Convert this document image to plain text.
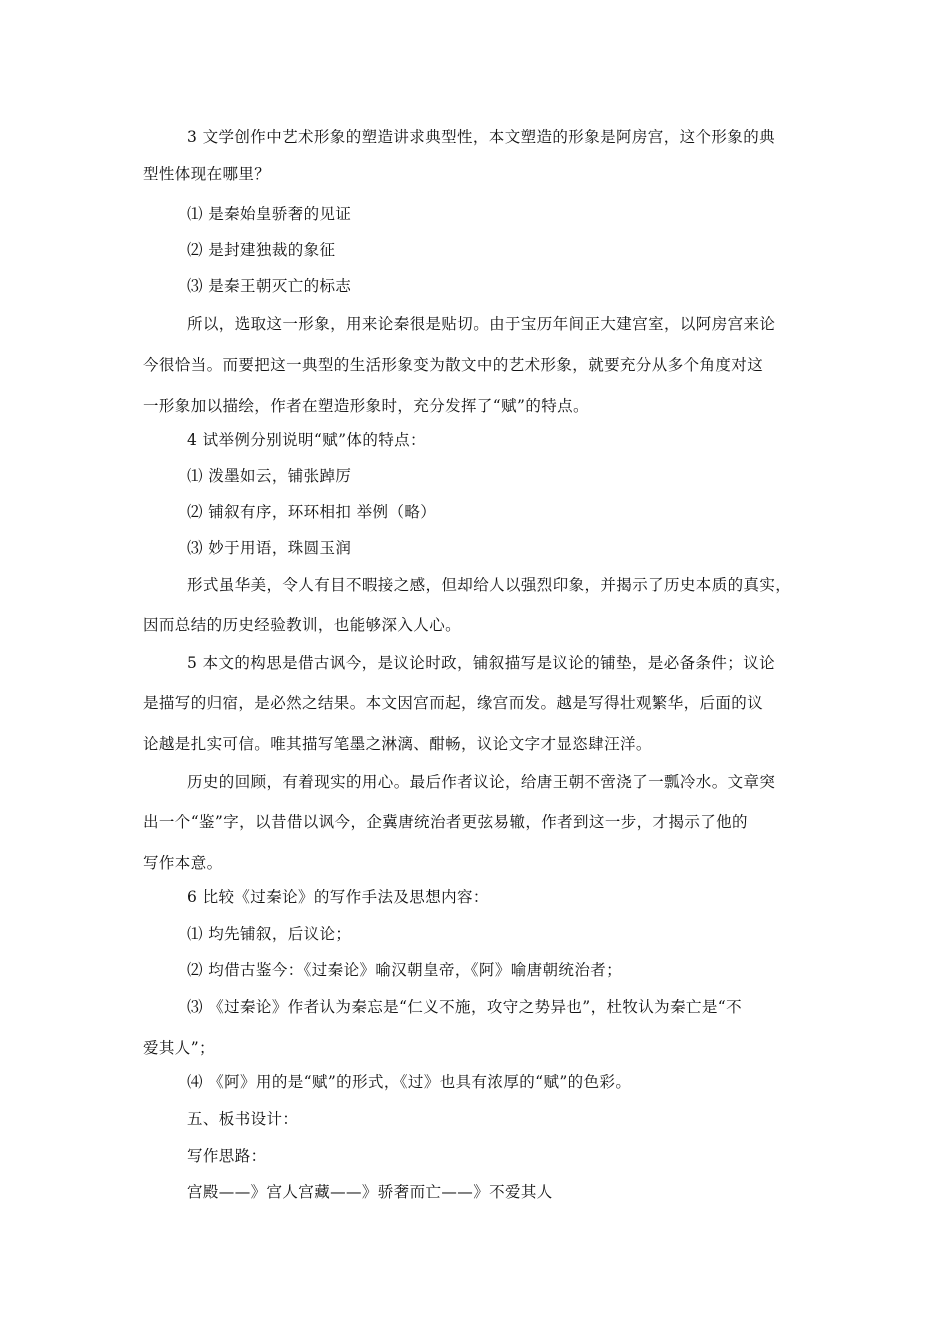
3 文学创作中艺术形象的塑造讲求典型性，本文塑造的形象是阿房宫，这个形象的典
型性体现在哪里？
⑴ 是秦始皇骄奢的见证
⑵ 是封建独裁的象征
⑶ 是秦王朝灭亡的标志
所以，选取这一形象，用来论秦很是贴切。由于宝历年间正大建宫室，以阿房宫来论
今很恰当。而要把这一典型的生活形象变为散文中的艺术形象，就要充分从多个角度对这
一形象加以描绘，作者在塑造形象时，充分发挥了“赋”的特点。
4 试举例分别说明“赋”体的特点：
⑴ 泼墨如云，铺张踔厉
⑵ 铺叙有序，环环相扣 举例（略）
⑶ 妙于用语，珠圆玉润
形式虽华美，令人有目不暇接之感，但却给人以强烈印象，并揭示了历史本质的真实，
因而总结的历史经验教训，也能够深入人心。
5 本文的构思是借古讽今，是议论时政，铺叙描写是议论的铺垫，是必备条件；议论
是描写的归宿，是必然之结果。本文因宫而起，缘宫而发。越是写得壮观繁华，后面的议
论越是扎实可信。唯其描写笔墨之淋漓、酣畅，议论文字才显恣肆汪洋。
历史的回顾，有着现实的用心。最后作者议论，给唐王朝不啻浇了一瓢冷水。文章突
出一个“鉴”字，以昔借以讽今，企冀唐统治者更弦易辙，作者到这一步，才揭示了他的
写作本意。
6 比较《过秦论》的写作手法及思想内容：
⑴ 均先铺叙，后议论；
⑵ 均借古鉴今：《过秦论》喻汉朝皇帝，《阿》喻唐朝统治者；
⑶ 《过秦论》作者认为秦忘是“仁义不施，攻守之势异也”，杜牧认为秦亡是“不
爱其人”；
⑷ 《阿》用的是“赋”的形式，《过》也具有浓厚的“赋”的色彩。
五、板书设计：
写作思路：
宫殿——》宫人宫藏——》骄奢而亡——》不爱其人
